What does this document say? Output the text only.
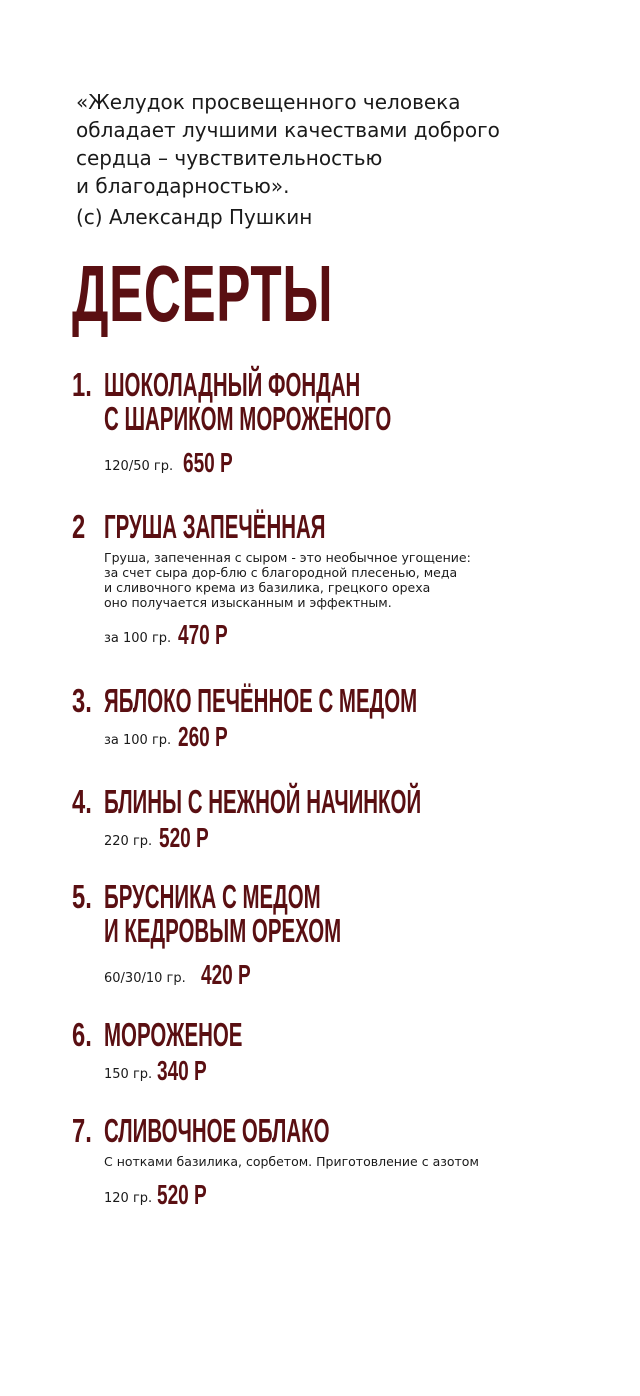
«Желудок просвещенного человека
обладает лучшими качествами доброго
сердца – чувствительностью
и благодарностью».

(с) Александр Пушкин
ДЕСЕРТЫ
1. ШОКОЛАДНЫЙ ФОНДАН
С ШАРИКОМ МОРОЖЕНОГО
120/50 гр. 650 Р
2 ГРУША ЗАПЕЧЁННАЯ
Груша, запеченная с сыром - это необычное угощение:
за счет сыра дор-блю с благородной плесенью, меда
и сливочного крема из базилика, грецкого ореха
оно получается изысканным и эффектным.
за 100 гр. 470 Р
3. ЯБЛОКО ПЕЧЁННОЕ С МЕДОМ
за 100 гр. 260 Р
4. БЛИНЫ С НЕЖНОЙ НАЧИНКОЙ
220 гр. 520 Р
5. БРУСНИКА С МЕДОМ
И КЕДРОВЫМ ОРЕХОМ
60/30/10 гр. 420 Р
6. МОРОЖЕНОЕ
150 гр. 340 Р
7. СЛИВОЧНОЕ ОБЛАКО
С нотками базилика, сорбетом. Приготовление с азотом
120 гр. 520 Р
